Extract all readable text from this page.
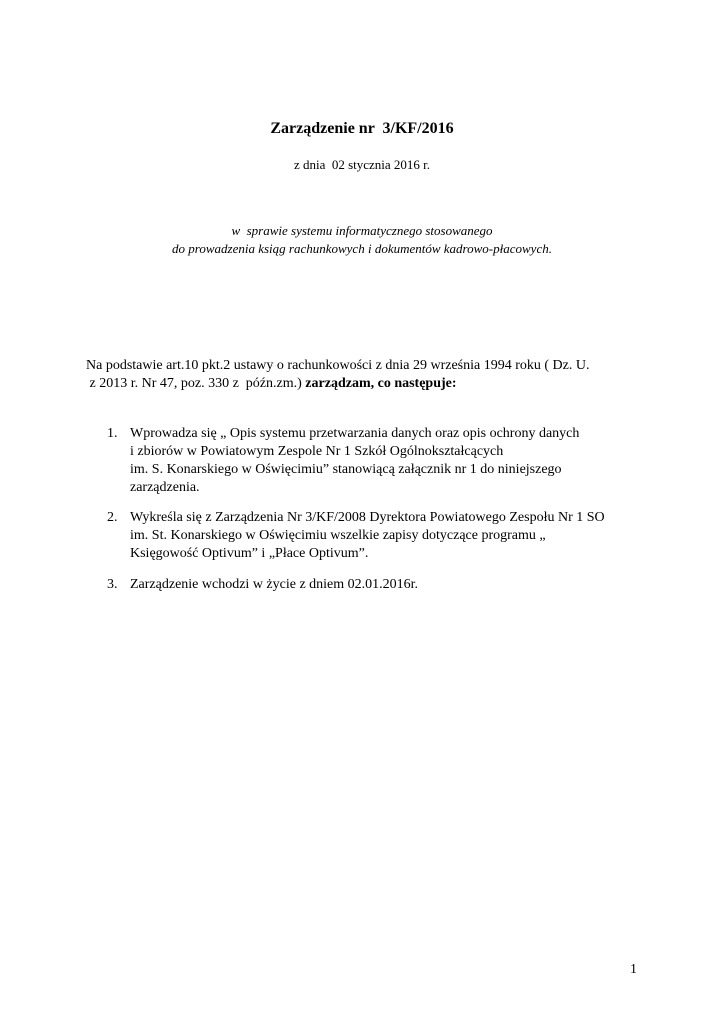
Zarządzenie nr  3/KF/2016
z dnia  02 stycznia 2016 r.
w  sprawie systemu informatycznego stosowanego
do prowadzenia ksiąg rachunkowych i dokumentów kadrowo-płacowych.
Na podstawie art.10 pkt.2 ustawy o rachunkowości z dnia 29 września 1994 roku ( Dz. U.
z 2013 r. Nr 47, poz. 330 z  późn.zm.) zarządzam, co następuje:
1. Wprowadza się „ Opis systemu przetwarzania danych oraz opis ochrony danych
i zbiorów w Powiatowym Zespole Nr 1 Szkół Ogólnokształcących
im. S. Konarskiego w Oświęcimiu” stanowiącą załącznik nr 1 do niniejszego
zarządzenia.
2. Wykreśla się z Zarządzenia Nr 3/KF/2008 Dyrektora Powiatowego Zespołu Nr 1 SO
im. St. Konarskiego w Oświęcimiu wszelkie zapisy dotyczące programu „
Księgowość Optivum” i „Płace Optivum”.
3. Zarządzenie wchodzi w życie z dniem 02.01.2016r.
1
